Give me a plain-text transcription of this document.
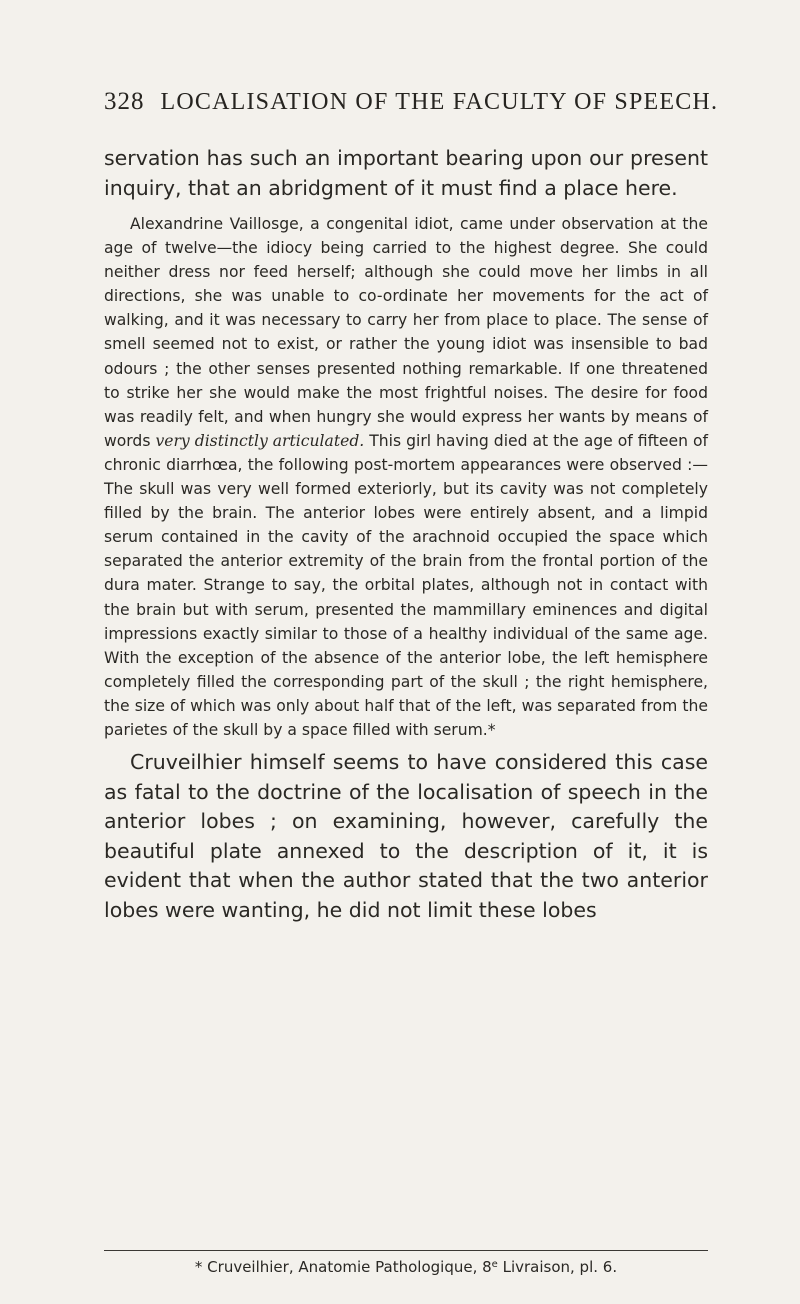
328 LOCALISATION OF THE FACULTY OF SPEECH.

servation has such an important bearing upon our present inquiry, that an abridgment of it must find a place here.

Alexandrine Vaillosge, a congenital idiot, came under observation at the age of twelve—the idiocy being carried to the highest degree. She could neither dress nor feed herself; although she could move her limbs in all directions, she was unable to co-ordinate her movements for the act of walking, and it was necessary to carry her from place to place. The sense of smell seemed not to exist, or rather the young idiot was insensible to bad odours ; the other senses presented nothing remarkable. If one threatened to strike her she would make the most frightful noises. The desire for food was readily felt, and when hungry she would express her wants by means of words very distinctly articulated. This girl having died at the age of fifteen of chronic diarrhœa, the following post-mortem appearances were observed :—The skull was very well formed exteriorly, but its cavity was not completely filled by the brain. The anterior lobes were entirely absent, and a limpid serum contained in the cavity of the arachnoid occupied the space which separated the anterior extremity of the brain from the frontal portion of the dura mater. Strange to say, the orbital plates, although not in contact with the brain but with serum, presented the mammillary eminences and digital impressions exactly similar to those of a healthy individual of the same age. With the exception of the absence of the anterior lobe, the left hemisphere completely filled the corresponding part of the skull ; the right hemisphere, the size of which was only about half that of the left, was separated from the parietes of the skull by a space filled with serum.*

Cruveilhier himself seems to have considered this case as fatal to the doctrine of the localisation of speech in the anterior lobes ; on examining, however, carefully the beautiful plate annexed to the description of it, it is evident that when the author stated that the two anterior lobes were wanting, he did not limit these lobes

* Cruveilhier, Anatomie Pathologique, 8e Livraison, pl. 6.
